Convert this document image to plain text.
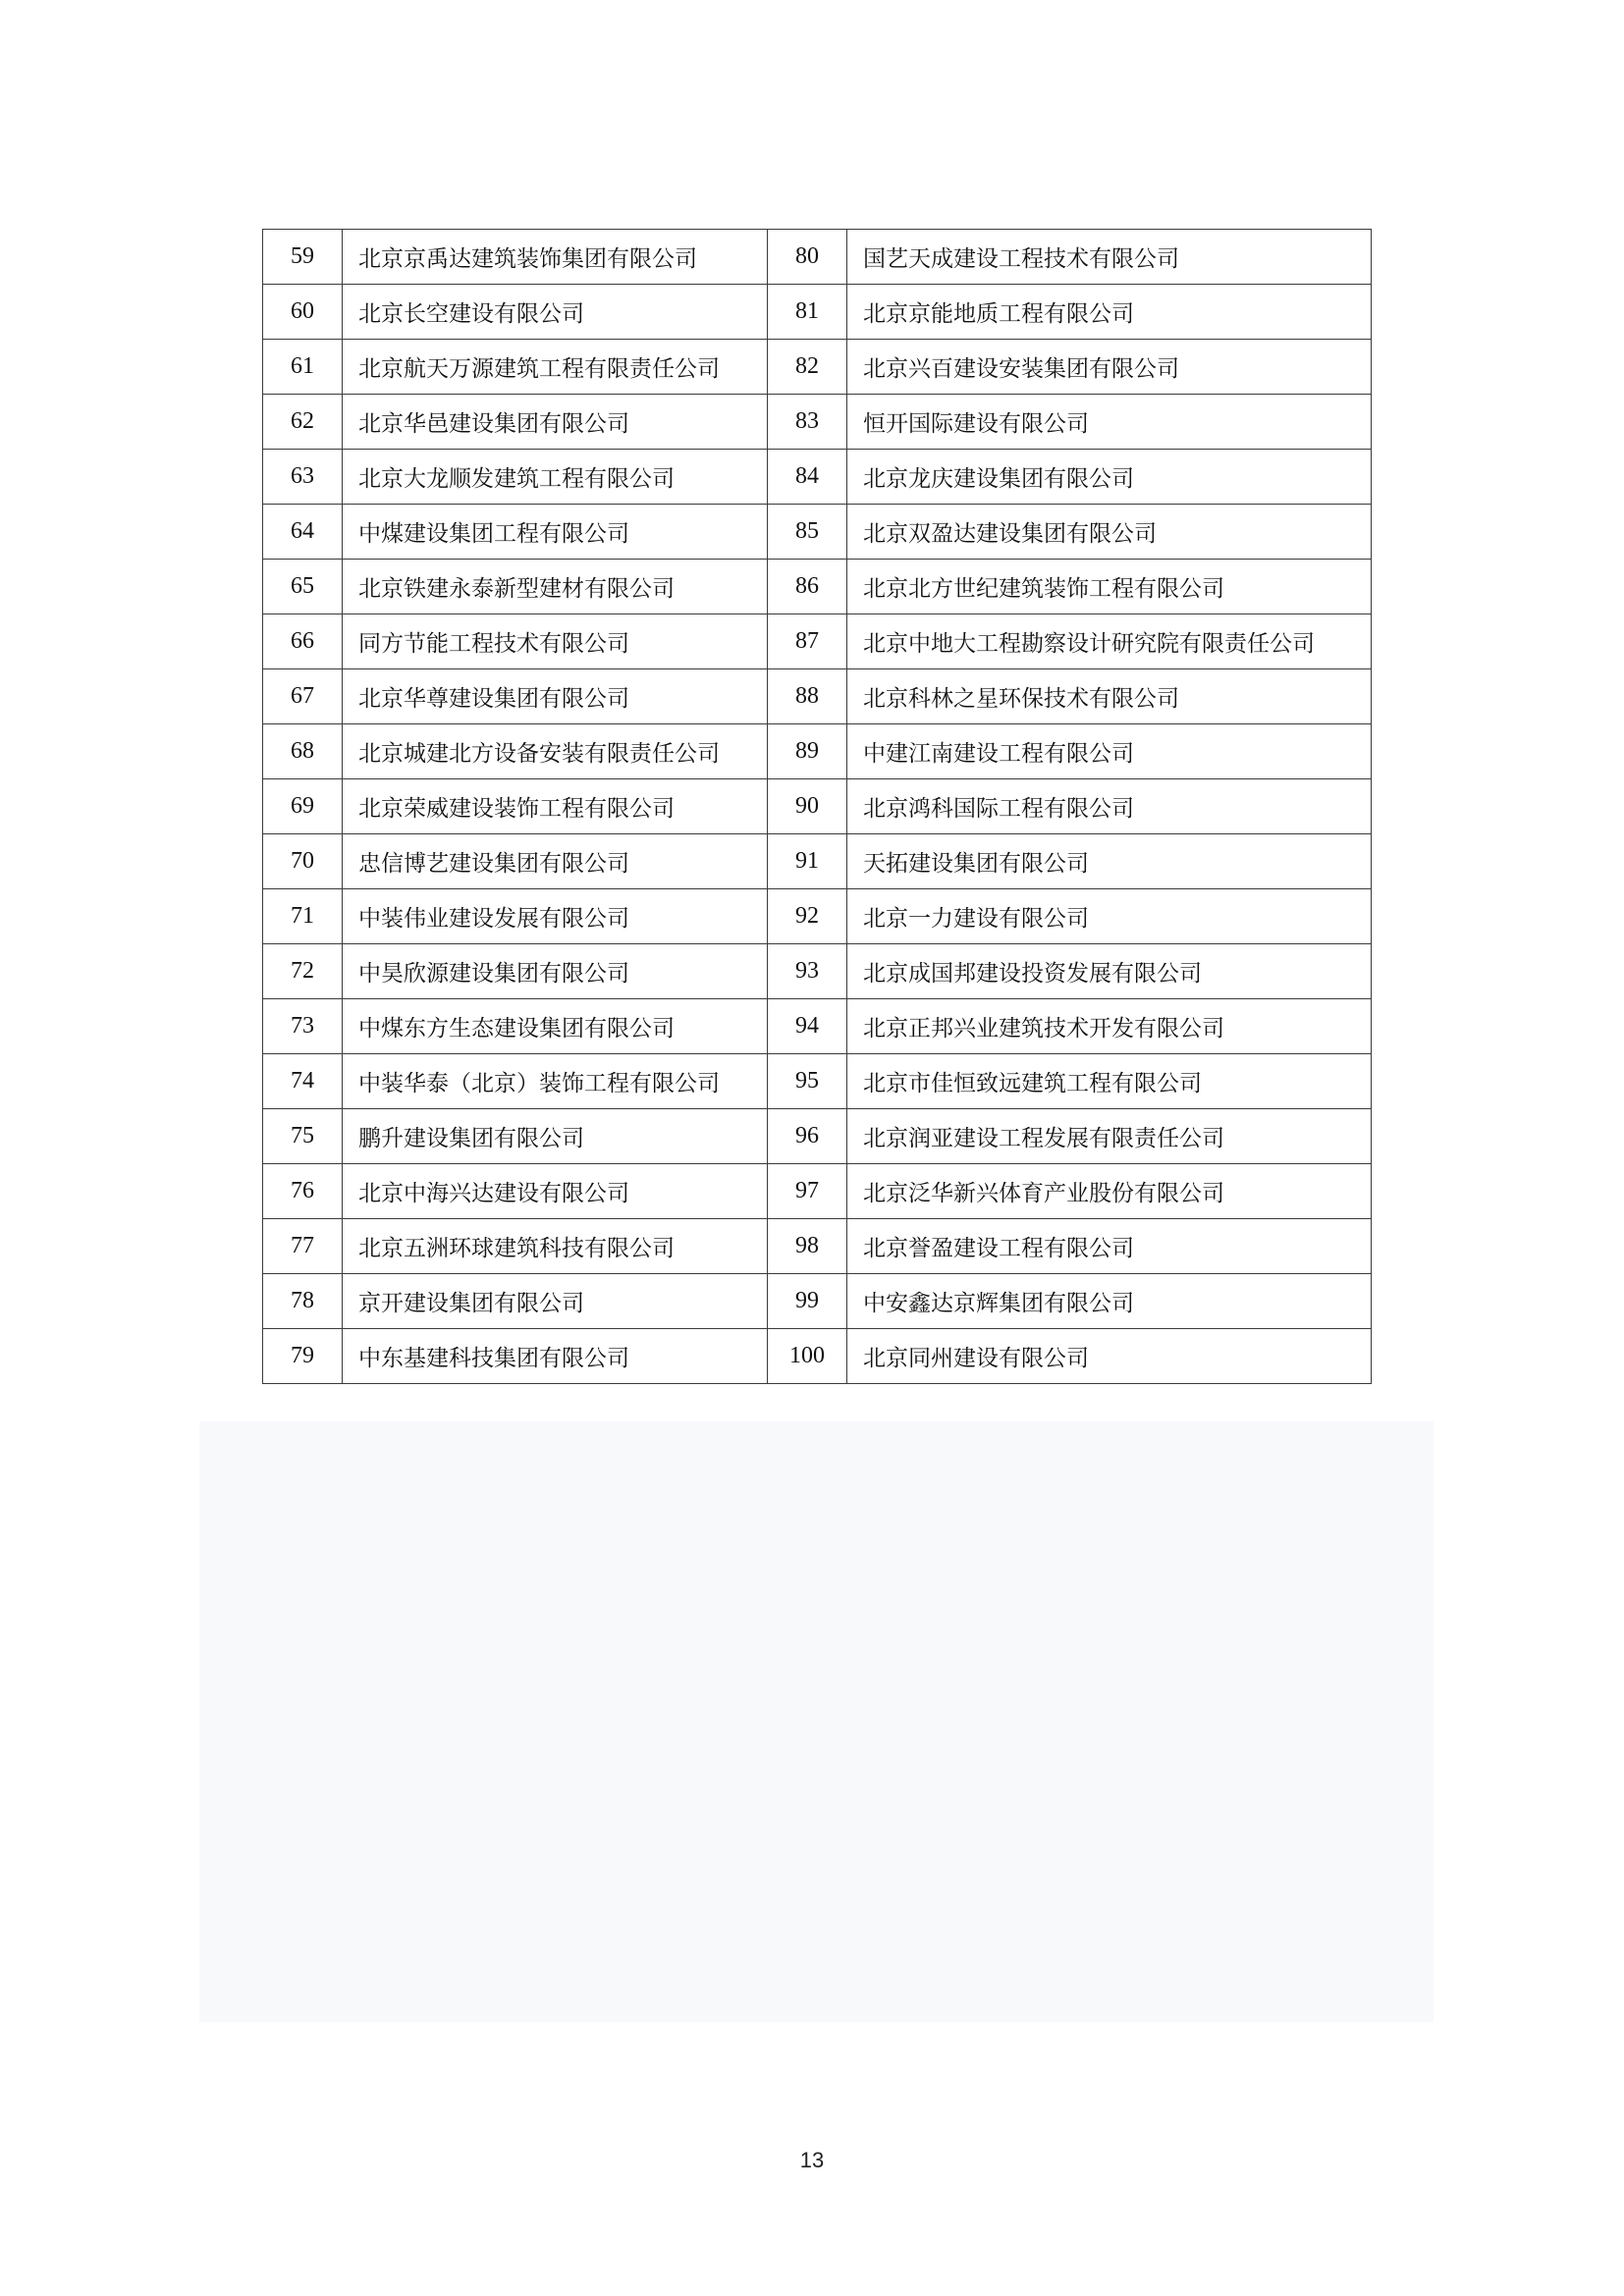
59	北京京禹达建筑装饰集团有限公司	80	国艺天成建设工程技术有限公司
60	北京长空建设有限公司	81	北京京能地质工程有限公司
61	北京航天万源建筑工程有限责任公司	82	北京兴百建设安装集团有限公司
62	北京华邑建设集团有限公司	83	恒开国际建设有限公司
63	北京大龙顺发建筑工程有限公司	84	北京龙庆建设集团有限公司
64	中煤建设集团工程有限公司	85	北京双盈达建设集团有限公司
65	北京铁建永泰新型建材有限公司	86	北京北方世纪建筑装饰工程有限公司
66	同方节能工程技术有限公司	87	北京中地大工程勘察设计研究院有限责任公司
67	北京华尊建设集团有限公司	88	北京科林之星环保技术有限公司
68	北京城建北方设备安装有限责任公司	89	中建江南建设工程有限公司
69	北京荣威建设装饰工程有限公司	90	北京鸿科国际工程有限公司
70	忠信博艺建设集团有限公司	91	天拓建设集团有限公司
71	中装伟业建设发展有限公司	92	北京一力建设有限公司
72	中昊欣源建设集团有限公司	93	北京成国邦建设投资发展有限公司
73	中煤东方生态建设集团有限公司	94	北京正邦兴业建筑技术开发有限公司
74	中装华泰（北京）装饰工程有限公司	95	北京市佳恒致远建筑工程有限公司
75	鹏升建设集团有限公司	96	北京润亚建设工程发展有限责任公司
76	北京中海兴达建设有限公司	97	北京泛华新兴体育产业股份有限公司
77	北京五洲环球建筑科技有限公司	98	北京誉盈建设工程有限公司
78	京开建设集团有限公司	99	中安鑫达京辉集团有限公司
79	中东基建科技集团有限公司	100	北京同州建设有限公司
13
